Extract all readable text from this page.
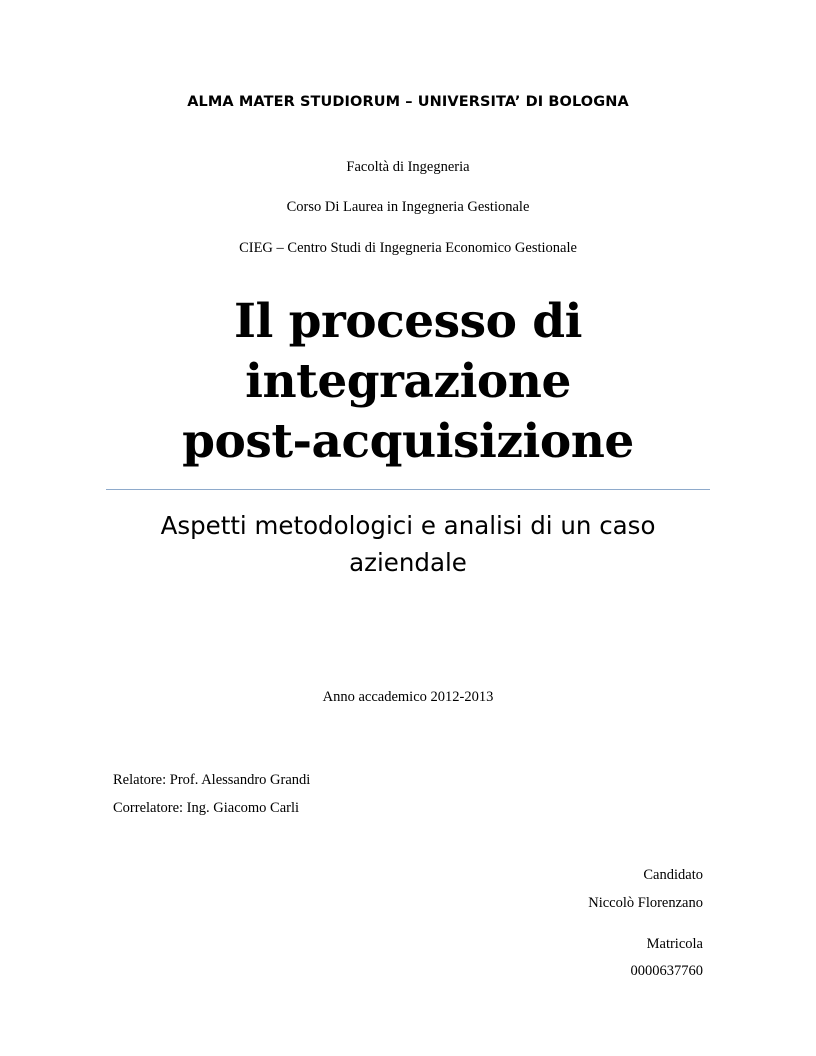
ALMA MATER STUDIORUM – UNIVERSITA’ DI BOLOGNA
Facoltà di Ingegneria
Corso Di Laurea in Ingegneria Gestionale
CIEG – Centro Studi di Ingegneria Economico Gestionale
Il processo di
integrazione
post-acquisizione
Aspetti metodologici e analisi di un caso
aziendale
Anno accademico 2012-2013
Relatore: Prof. Alessandro Grandi
Correlatore: Ing. Giacomo Carli
Candidato
Niccolò Florenzano
Matricola
0000637760
